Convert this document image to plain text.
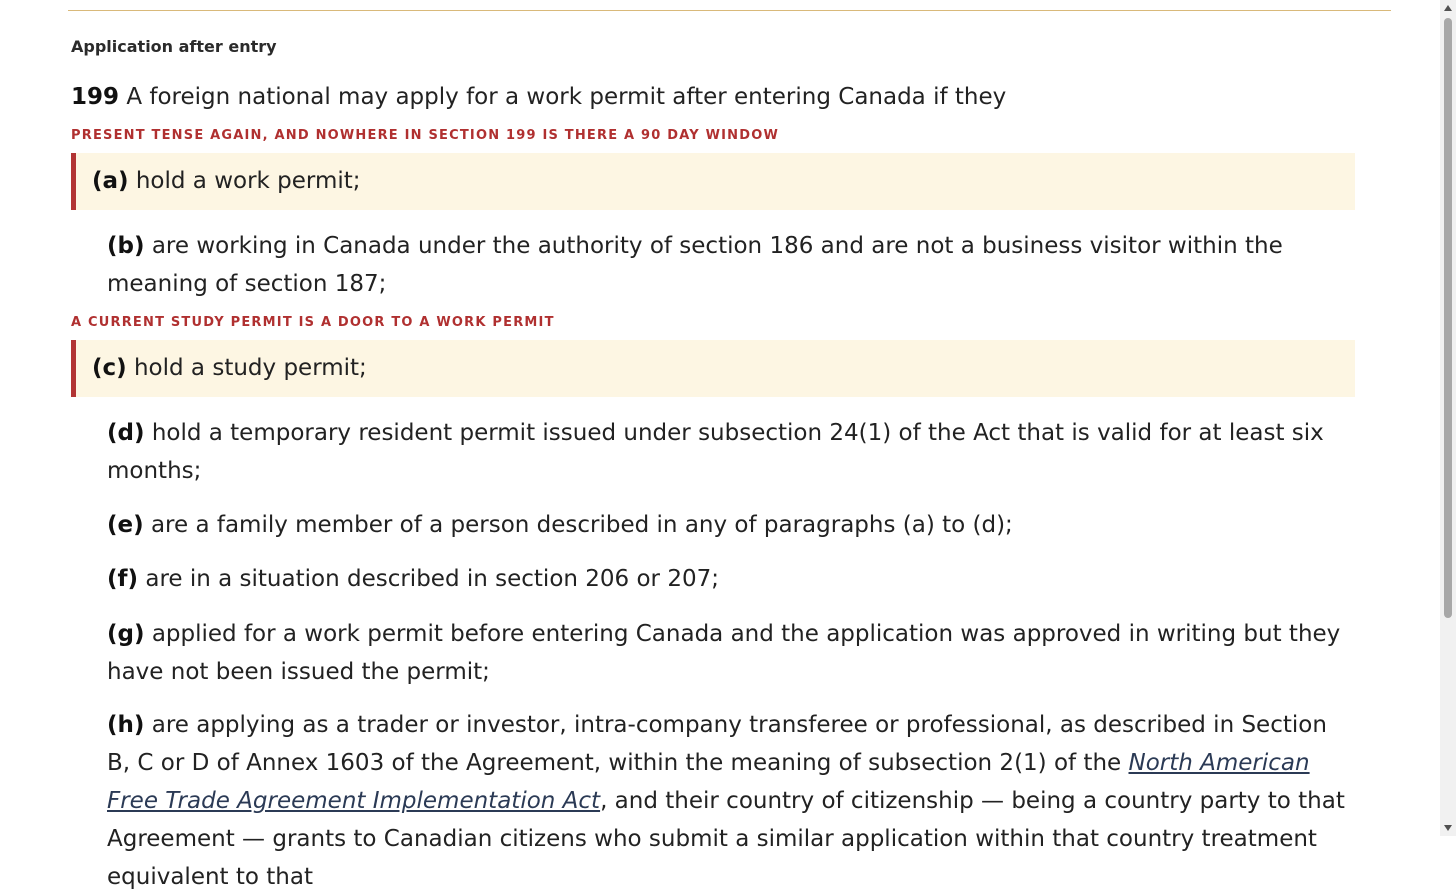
Application after entry
199 A foreign national may apply for a work permit after entering Canada if they
PRESENT TENSE AGAIN, AND NOWHERE IN SECTION 199 IS THERE A 90 DAY WINDOW
(a) hold a work permit;
(b) are working in Canada under the authority of section 186 and are not a business visitor within the meaning of section 187;
A CURRENT STUDY PERMIT IS A DOOR TO A WORK PERMIT
(c) hold a study permit;
(d) hold a temporary resident permit issued under subsection 24(1) of the Act that is valid for at least six months;
(e) are a family member of a person described in any of paragraphs (a) to (d);
(f) are in a situation described in section 206 or 207;
(g) applied for a work permit before entering Canada and the application was approved in writing but they have not been issued the permit;
(h) are applying as a trader or investor, intra-company transferee or professional, as described in Section B, C or D of Annex 1603 of the Agreement, within the meaning of subsection 2(1) of the North American Free Trade Agreement Implementation Act, and their country of citizenship — being a country party to that Agreement — grants to Canadian citizens who submit a similar application within that country treatment equivalent to that
